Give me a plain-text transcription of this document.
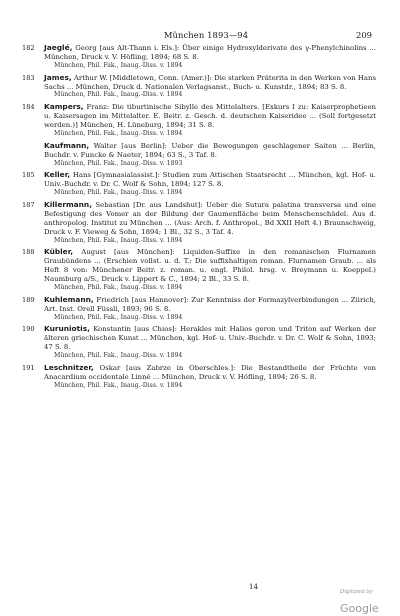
München 1893—94	209
182 Jaeglé, Georg [aus Alt-Thann i. Els.]: Über einige Hydroxylderivate des γ-Phenylchinolins ... München, Druck v. V. Höfling, 1894; 68 S. 8.
München, Phil. Fak., Inaug.-Diss. v. 1894
183 James, Arthur W. [Middletown, Conn. (Amer.)]: Die starken Präterita in den Werken von Hans Sachs ... München, Druck d. Nationalen Verlagsanst., Buch- u. Kunstdr., 1894; 83 S. 8.
München, Phil. Fak., Inaug.-Diss. v. 1894
184 Kampers, Franz: Die tiburtinische Sibylle des Mittelalters. [Exkurs I zu: Kaiserprophetieen u. Kaisersagen im Mittelalter. E. Beitr. z. Gesch. d. deutschen Kaiseridee ... (Soll fortgesetzt werden.)] München, H. Lüneburg, 1894; 31 S. 8.
München, Phil. Fak., Inaug.-Diss. v. 1894
Kaufmann, Walter [aus Berlin]: Ueber die Bewegungen geschlagener Saiten ... Berlin, Buchdr. v. Funcke & Naeter, 1894; 63 S., 3 Taf. 8.
München, Phil. Fak., Inaug.-Diss. v. 1893
185 Keller, Hans [Gymnasialassist.]: Studien zum Attischen Staatsrecht ... München, kgl. Hof- u. Univ.-Buchdr. v. Dr. C. Wolf & Sohn, 1894; 127 S. 8.
München, Phil. Fak., Inaug.-Diss. v. 1894
187 Killermann, Sebastian [Dr. aus Landshut]: Ueber die Sutura palatina transversa und eine Befestigung des Vomer an der Bildung der Gaumenfläche beim Menschenschädel. Aus d. anthropolog. Institut zu München ... (Aus: Arch. f. Anthropol., Bd XXII Heft 4.) Braunschweig, Druck v. F. Vieweg & Sohn, 1894; 1 Bl., 32 S., 3 Taf. 4.
München, Phil. Fak., Inaug.-Diss. v. 1894
188 Kübler, August [aus München]: Liquiden-Suffixe in den romanischen Flurnamen Graubündens ... (Erschien vollst. u. d. T.: Die suffixhaltigen roman. Flurnamen Graub. ... als Heft 8 von: Münchener Beitr. z. roman. u. engl. Philol. hrsg. v. Breymann u. Koeppel.) Naumburg a/S., Druck v. Lippert & C., 1894; 2 Bl., 33 S. 8.
München, Phil. Fak., Inaug.-Diss. v. 1894
189 Kuhlemann, Friedrich [aus Hannover]: Zur Kenntniss der Formazylverbindungen ... Zürich, Art. Inst. Orell Füssli, 1893; 96 S. 8.
München, Phil. Fak., Inaug.-Diss. v. 1894
190 Kuruniotis, Konstantin [aus Chios]: Herakles mit Halios geron und Triton auf Werken der älteren griechischen Kunst ... München, kgl. Hof- u. Univ.-Buchdr. v. Dr. C. Wolf & Sohn, 1893; 47 S. 8.
München, Phil. Fak., Inaug.-Diss. v. 1894
191 Leschnitzer, Oskar [aus Zabrze in Oberschles.]: Die Bestandtheile der Früchte von Anacardium occidentale Linné ... München, Druck v. V. Höfling, 1894; 26 S. 8.
München, Phil. Fak., Inaug.-Diss. v. 1894
14
Digitized by Google
